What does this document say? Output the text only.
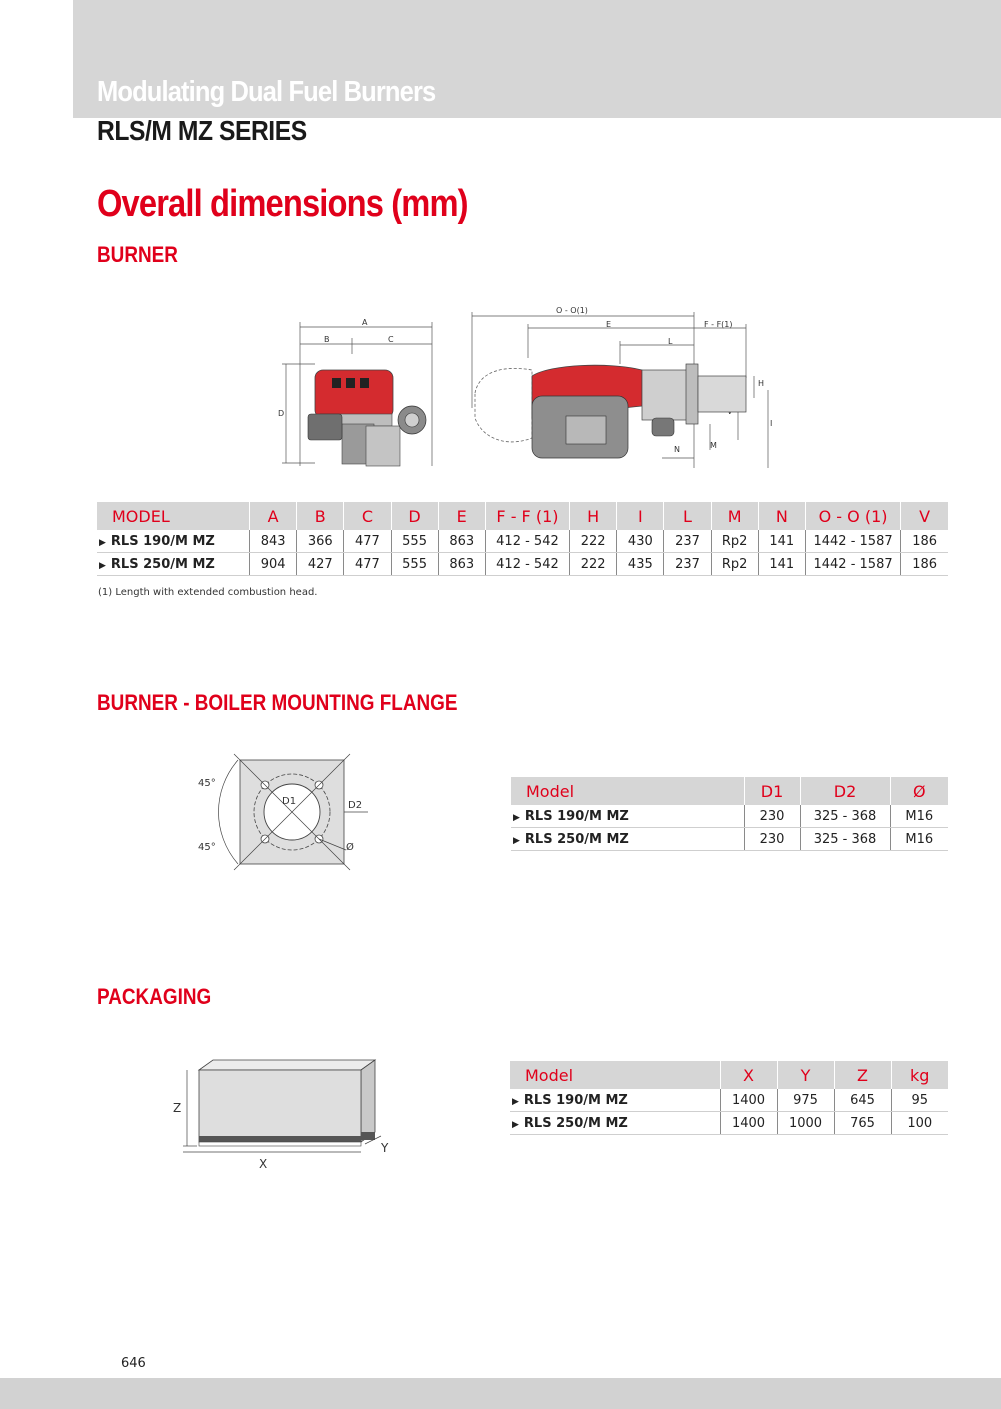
Modulating Dual Fuel Burners
RLS/M MZ SERIES
Overall dimensions (mm)
BURNER
A
B	C
D
O - O(1)
E	F - F(1)
L
H
I
N	M
MODEL	A	B	C	D	E	F - F (1)	H	I	L	M	N	O - O (1)	V
▶ RLS 190/M MZ	843	366	477	555	863	412 - 542	222	430	237	Rp2	141	1442 - 1587	186
▶ RLS 250/M MZ	904	427	477	555	863	412 - 542	222	435	237	Rp2	141	1442 - 1587	186
(1) Length with extended combustion head.
BURNER - BOILER MOUNTING FLANGE
45°
45°
D1	D2
Ø
Model	D1	D2	Ø
▶ RLS 190/M MZ	230	325 - 368	M16
▶ RLS 250/M MZ	230	325 - 368	M16
PACKAGING
Z
X
Y
Model	X	Y	Z	kg
▶ RLS 190/M MZ	1400	975	645	95
▶ RLS 250/M MZ	1400	1000	765	100
646
